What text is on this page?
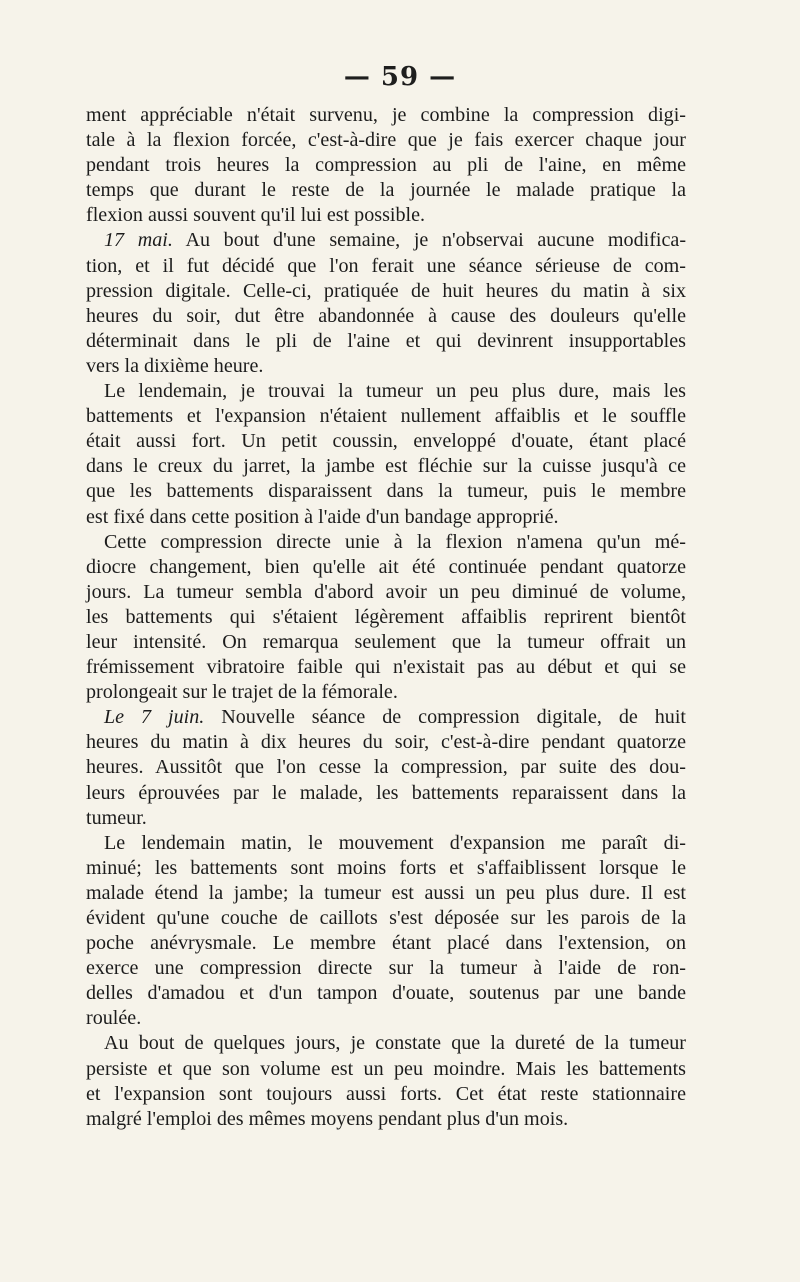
— 59 —
ment appréciable n'était survenu, je combine la compression digi-
tale à la flexion forcée, c'est-à-dire que je fais exercer chaque jour
pendant trois heures la compression au pli de l'aine, en même
temps que durant le reste de la journée le malade pratique la
flexion aussi souvent qu'il lui est possible.
17 mai. Au bout d'une semaine, je n'observai aucune modifica-
tion, et il fut décidé que l'on ferait une séance sérieuse de com-
pression digitale. Celle-ci, pratiquée de huit heures du matin à six
heures du soir, dut être abandonnée à cause des douleurs qu'elle
déterminait dans le pli de l'aine et qui devinrent insupportables
vers la dixième heure.
Le lendemain, je trouvai la tumeur un peu plus dure, mais les
battements et l'expansion n'étaient nullement affaiblis et le souffle
était aussi fort. Un petit coussin, enveloppé d'ouate, étant placé
dans le creux du jarret, la jambe est fléchie sur la cuisse jusqu'à ce
que les battements disparaissent dans la tumeur, puis le membre
est fixé dans cette position à l'aide d'un bandage approprié.
Cette compression directe unie à la flexion n'amena qu'un mé-
diocre changement, bien qu'elle ait été continuée pendant quatorze
jours. La tumeur sembla d'abord avoir un peu diminué de volume,
les battements qui s'étaient légèrement affaiblis reprirent bientôt
leur intensité. On remarqua seulement que la tumeur offrait un
frémissement vibratoire faible qui n'existait pas au début et qui se
prolongeait sur le trajet de la fémorale.
Le 7 juin. Nouvelle séance de compression digitale, de huit
heures du matin à dix heures du soir, c'est-à-dire pendant quatorze
heures. Aussitôt que l'on cesse la compression, par suite des dou-
leurs éprouvées par le malade, les battements reparaissent dans la
tumeur.
Le lendemain matin, le mouvement d'expansion me paraît di-
minué; les battements sont moins forts et s'affaiblissent lorsque le
malade étend la jambe; la tumeur est aussi un peu plus dure. Il est
évident qu'une couche de caillots s'est déposée sur les parois de la
poche anévrysmale. Le membre étant placé dans l'extension, on
exerce une compression directe sur la tumeur à l'aide de ron-
delles d'amadou et d'un tampon d'ouate, soutenus par une bande
roulée.
Au bout de quelques jours, je constate que la dureté de la tumeur
persiste et que son volume est un peu moindre. Mais les battements
et l'expansion sont toujours aussi forts. Cet état reste stationnaire
malgré l'emploi des mêmes moyens pendant plus d'un mois.
